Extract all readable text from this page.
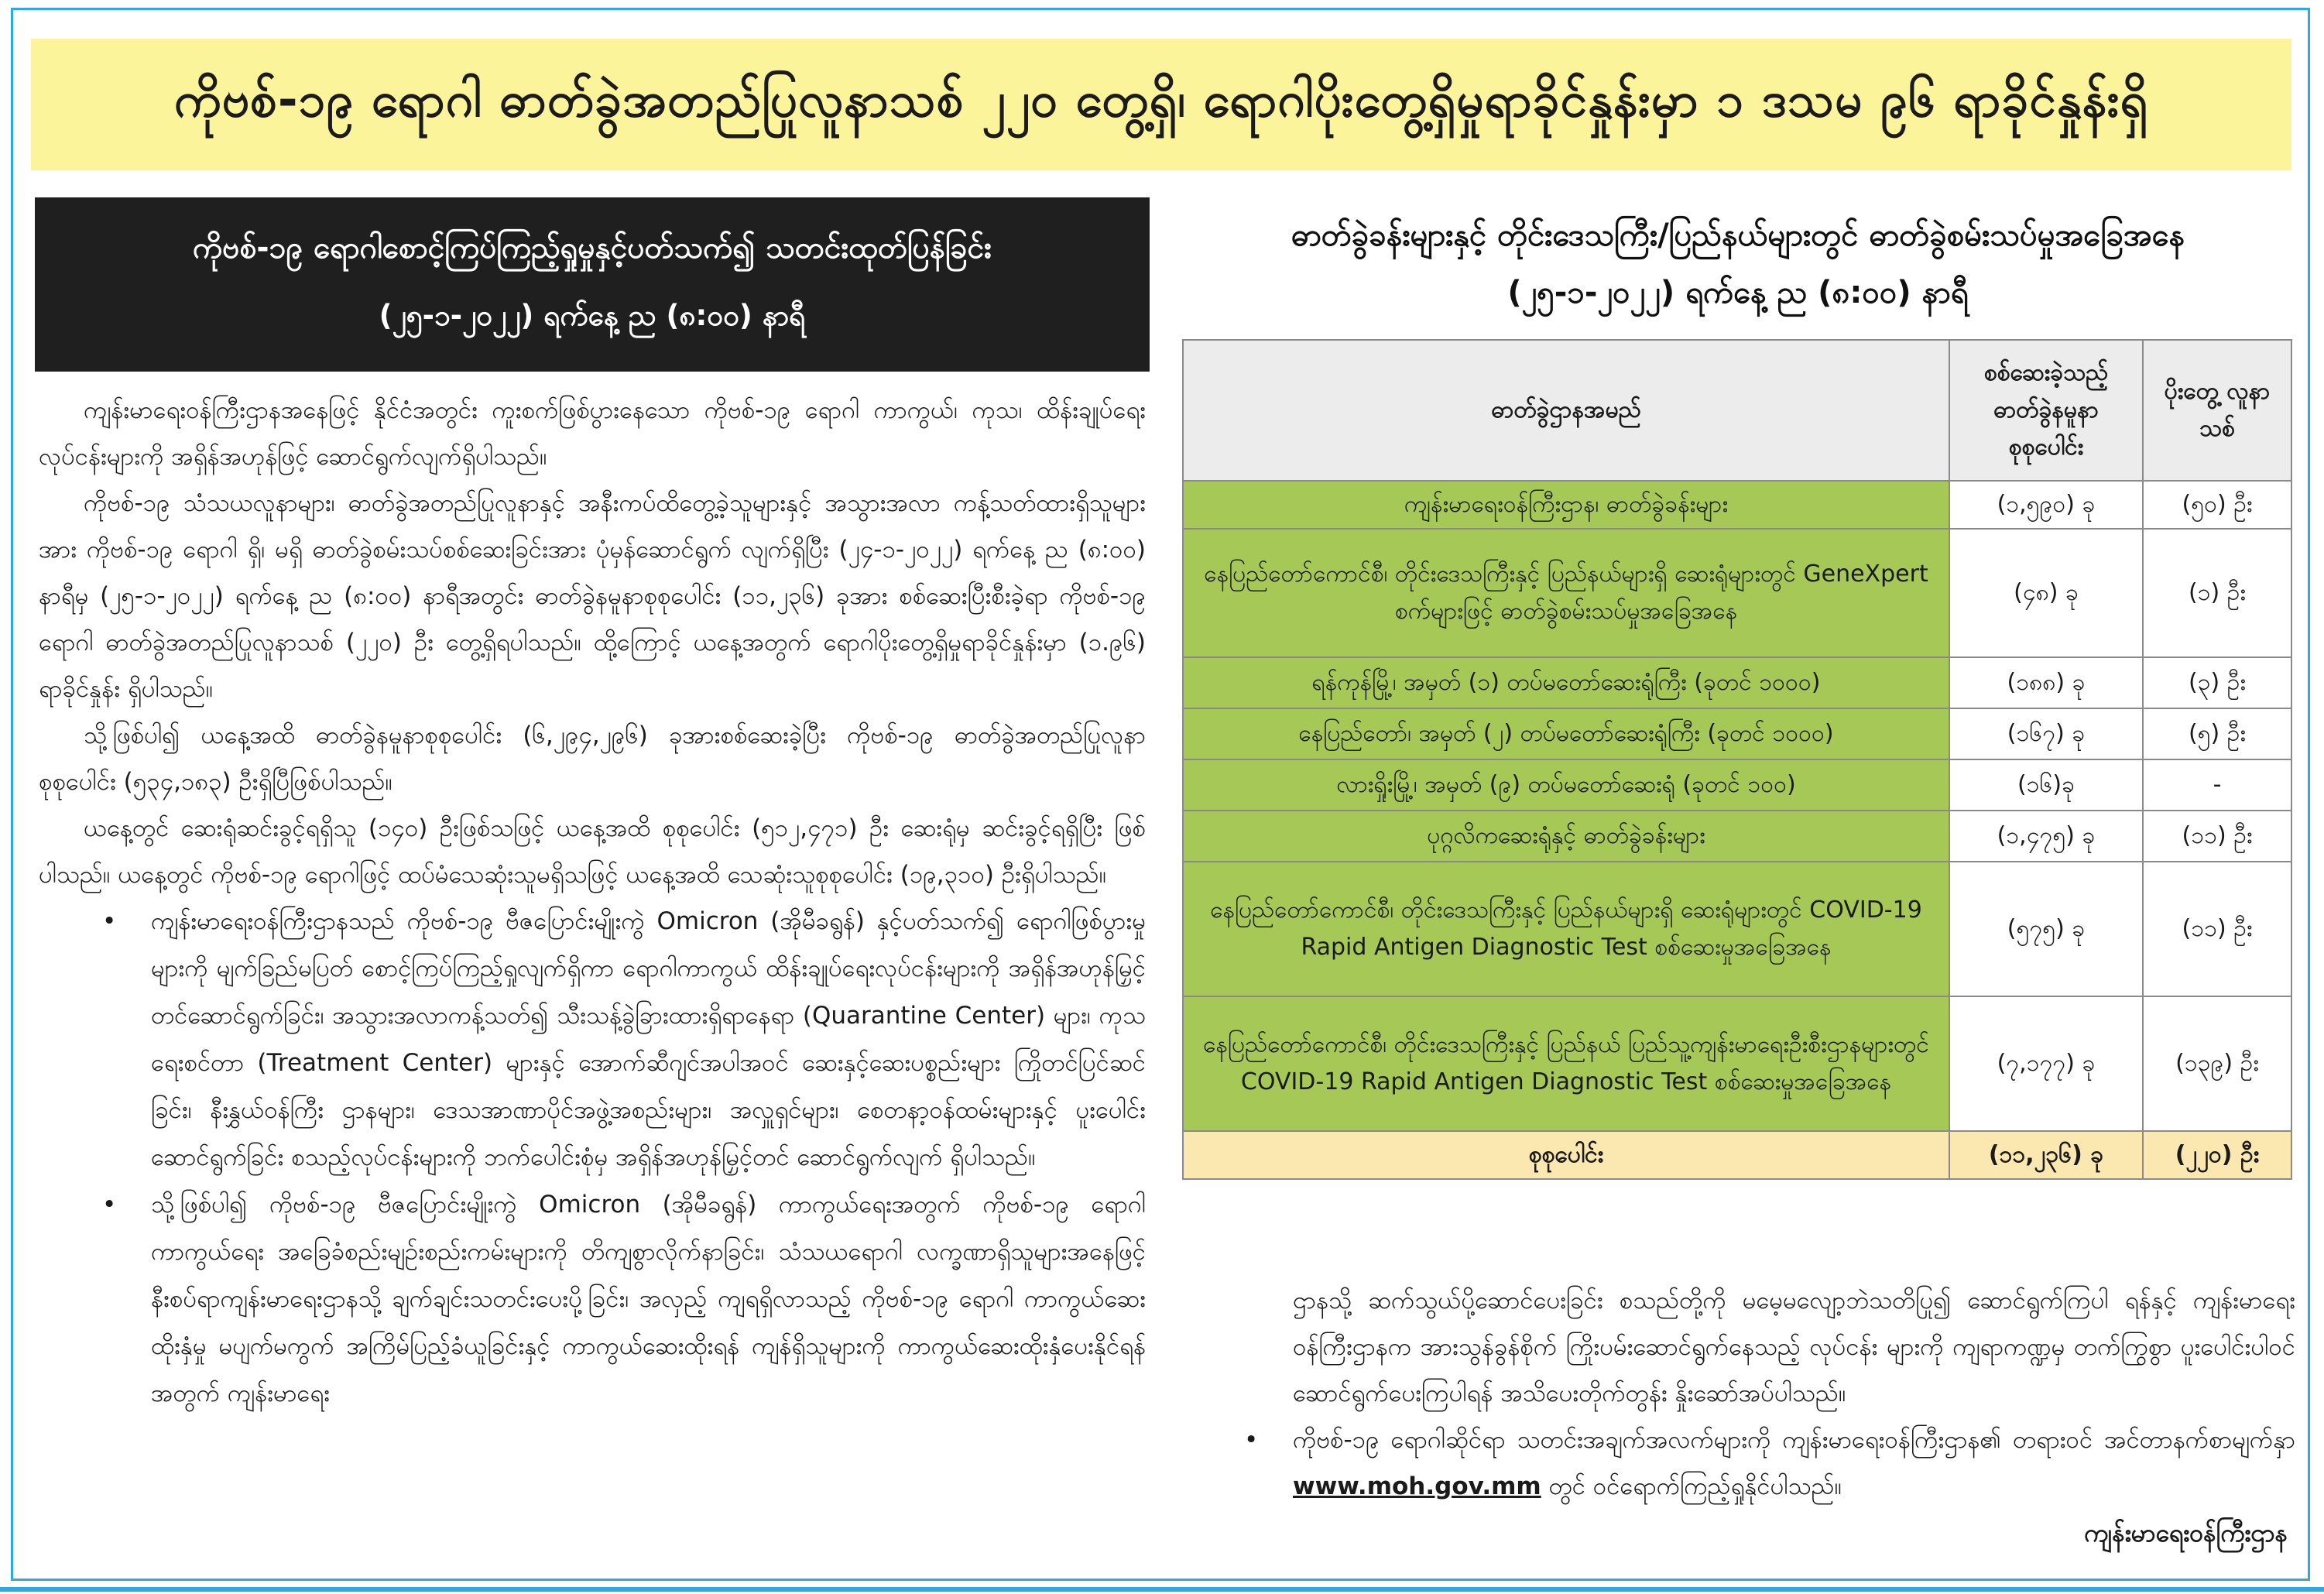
ကိုဗစ်-၁၉ ရောဂါ ဓာတ်ခွဲအတည်ပြုလူနာသစ် ၂၂၀ တွေ့ရှိ၊ ရောဂါပိုးတွေ့ရှိမှုရာခိုင်နှုန်းမှာ ၁ ဒသမ ၉၆ ရာခိုင်နှုန်းရှိ
ကိုဗစ်-၁၉ ရောဂါစောင့်ကြပ်ကြည့်ရှုမှုနှင့်ပတ်သက်၍ သတင်းထုတ်ပြန်ခြင်း
(၂၅-၁-၂၀၂၂) ရက်နေ့ ည (၈:၀၀) နာရီ

ကျန်းမာရေးဝန်ကြီးဌာနအနေဖြင့် နိုင်ငံအတွင်း ကူးစက်ဖြစ်ပွားနေသော ကိုဗစ်-၁၉ ရောဂါ ကာကွယ်၊ ကုသ၊ ထိန်းချုပ်ရေးလုပ်ငန်းများကို အရှိန်အဟုန်ဖြင့် ဆောင်ရွက်လျက်ရှိပါသည်။

ကိုဗစ်-၁၉ သံသယလူနာများ၊ ဓာတ်ခွဲအတည်ပြုလူနာနှင့် အနီးကပ်ထိတွေ့ခဲ့သူများနှင့် အသွားအလာ ကန့်သတ်ထားရှိသူများအား ကိုဗစ်-၁၉ ရောဂါ ရှိ၊ မရှိ ဓာတ်ခွဲစမ်းသပ်စစ်ဆေးခြင်းအား ပုံမှန်ဆောင်ရွက် လျက်ရှိပြီး (၂၄-၁-၂၀၂၂) ရက်နေ့ ည (၈:၀၀) နာရီမှ (၂၅-၁-၂၀၂၂) ရက်နေ့ ည (၈:၀၀) နာရီအတွင်း ဓာတ်ခွဲနမူနာစုစုပေါင်း (၁၁,၂၃၆) ခုအား စစ်ဆေးပြီးစီးခဲ့ရာ ကိုဗစ်-၁၉ ရောဂါ ဓာတ်ခွဲအတည်ပြုလူနာသစ် (၂၂၀) ဦး တွေ့ရှိရပါသည်။ ထို့ကြောင့် ယနေ့အတွက် ရောဂါပိုးတွေ့ရှိမှုရာခိုင်နှုန်းမှာ (၁.၉၆) ရာခိုင်နှုန်း ရှိပါသည်။

သို့ဖြစ်ပါ၍ ယနေ့အထိ ဓာတ်ခွဲနမူနာစုစုပေါင်း (၆,၂၉၄,၂၉၆) ခုအားစစ်ဆေးခဲ့ပြီး ကိုဗစ်-၁၉ ဓာတ်ခွဲအတည်ပြုလူနာ စုစုပေါင်း (၅၃၄,၁၈၃) ဦးရှိပြီဖြစ်ပါသည်။

ယနေ့တွင် ဆေးရုံဆင်းခွင့်ရရှိသူ (၁၄၀) ဦးဖြစ်သဖြင့် ယနေ့အထိ စုစုပေါင်း (၅၁၂,၄၇၁) ဦး ဆေးရုံမှ ဆင်းခွင့်ရရှိပြီး ဖြစ်ပါသည်။ ယနေ့တွင် ကိုဗစ်-၁၉ ရောဂါဖြင့် ထပ်မံသေဆုံးသူမရှိသဖြင့် ယနေ့အထိ သေဆုံးသူစုစုပေါင်း (၁၉,၃၁၀) ဦးရှိပါသည်။

• ကျန်းမာရေးဝန်ကြီးဌာနသည် ကိုဗစ်-၁၉ ဗီဇပြောင်းမျိုးကွဲ Omicron (အိုမီခရွန်) နှင့်ပတ်သက်၍ ရောဂါဖြစ်ပွားမှုများကို မျက်ခြည်မပြတ် စောင့်ကြပ်ကြည့်ရှုလျက်ရှိကာ ရောဂါကာကွယ် ထိန်းချုပ်ရေးလုပ်ငန်းများကို အရှိန်အဟုန်မြှင့်တင်ဆောင်ရွက်ခြင်း၊ အသွားအလာကန့်သတ်၍ သီးသန့်ခွဲခြားထားရှိရာနေရာ (Quarantine Center) များ၊ ကုသရေးစင်တာ (Treatment Center) များနှင့် အောက်ဆီဂျင်အပါအဝင် ဆေးနှင့်ဆေးပစ္စည်းများ ကြိုတင်ပြင်ဆင်ခြင်း၊ နီးနွှယ်ဝန်ကြီး ဌာနများ၊ ဒေသအာဏာပိုင်အဖွဲ့အစည်းများ၊ အလှူရှင်များ၊ စေတနာ့ဝန်ထမ်းများနှင့် ပူးပေါင်း ဆောင်ရွက်ခြင်း စသည့်လုပ်ငန်းများကို ဘက်ပေါင်းစုံမှ အရှိန်အဟုန်မြှင့်တင် ဆောင်ရွက်လျက် ရှိပါသည်။
• သို့ဖြစ်ပါ၍ ကိုဗစ်-၁၉ ဗီဇပြောင်းမျိုးကွဲ Omicron (အိုမီခရွန်) ကာကွယ်ရေးအတွက် ကိုဗစ်-၁၉ ရောဂါ ကာကွယ်ရေး အခြေခံစည်းမျဉ်းစည်းကမ်းများကို တိကျစွာလိုက်နာခြင်း၊ သံသယရောဂါ လက္ခဏာရှိသူများအနေဖြင့် နီးစပ်ရာကျန်းမာရေးဌာနသို့ ချက်ချင်းသတင်းပေးပို့ခြင်း၊ အလှည့် ကျရရှိလာသည့် ကိုဗစ်-၁၉ ရောဂါ ကာကွယ်ဆေးထိုးနှံမှု မပျက်မကွက် အကြိမ်ပြည့်ခံယူခြင်းနှင့် ကာကွယ်ဆေးထိုးရန် ကျန်ရှိသူများကို ကာကွယ်ဆေးထိုးနှံပေးနိုင်ရန်အတွက် ကျန်းမာရေး
ဓာတ်ခွဲခန်းများနှင့် တိုင်းဒေသကြီး/ပြည်နယ်များတွင် ဓာတ်ခွဲစမ်းသပ်မှုအခြေအနေ
(၂၅-၁-၂၀၂၂) ရက်နေ့ ည (၈:၀၀) နာရီ
ဓာတ်ခွဲဌာနအမည်	စစ်ဆေးခဲ့သည့် ဓာတ်ခွဲနမူနာ စုစုပေါင်း	ပိုးတွေ့ လူနာသစ်
ကျန်းမာရေးဝန်ကြီးဌာန၊ ဓာတ်ခွဲခန်းများ	(၁,၅၉၀) ခု	(၅၀) ဦး
နေပြည်တော်ကောင်စီ၊ တိုင်းဒေသကြီးနှင့် ပြည်နယ်များရှိ ဆေးရုံများတွင် GeneXpert စက်များဖြင့် ဓာတ်ခွဲစမ်းသပ်မှုအခြေအနေ	(၄၈) ခု	(၁) ဦး
ရန်ကုန်မြို့၊ အမှတ် (၁) တပ်မတော်ဆေးရုံကြီး (ခုတင် ၁၀၀၀)	(၁၈၈) ခု	(၃) ဦး
နေပြည်တော်၊ အမှတ် (၂) တပ်မတော်ဆေးရုံကြီး (ခုတင် ၁၀၀၀)	(၁၆၇) ခု	(၅) ဦး
လားရှိုးမြို့၊ အမှတ် (၉) တပ်မတော်ဆေးရုံ (ခုတင် ၁၀၀)	(၁၆)ခု	-
ပုဂ္ဂလိကဆေးရုံနှင့် ဓာတ်ခွဲခန်းများ	(၁,၄၇၅) ခု	(၁၁) ဦး
နေပြည်တော်ကောင်စီ၊ တိုင်းဒေသကြီးနှင့် ပြည်နယ်များရှိ ဆေးရုံများတွင် COVID-19 Rapid Antigen Diagnostic Test စစ်ဆေးမှုအခြေအနေ	(၅၇၅) ခု	(၁၁) ဦး
နေပြည်တော်ကောင်စီ၊ တိုင်းဒေသကြီးနှင့် ပြည်နယ် ပြည်သူ့ကျန်းမာရေးဦးစီးဌာနများတွင် COVID-19 Rapid Antigen Diagnostic Test စစ်ဆေးမှုအခြေအနေ	(၇,၁၇၇) ခု	(၁၃၉) ဦး
စုစုပေါင်း	(၁၁,၂၃၆) ခု	(၂၂၀) ဦး

ဌာနသို့ ဆက်သွယ်ပို့ဆောင်ပေးခြင်း စသည်တို့ကို မမေ့မလျော့ဘဲသတိပြု၍ ဆောင်ရွက်ကြပါ ရန်နှင့် ကျန်းမာရေးဝန်ကြီးဌာနက အားသွန်ခွန်စိုက် ကြိုးပမ်းဆောင်ရွက်နေသည့် လုပ်ငန်း များကို ကျရာကဏ္ဍမှ တက်ကြွစွာ ပူးပေါင်းပါဝင်ဆောင်ရွက်ပေးကြပါရန် အသိပေးတိုက်တွန်း နှိုးဆော်အပ်ပါသည်။

• ကိုဗစ်-၁၉ ရောဂါဆိုင်ရာ သတင်းအချက်အလက်များကို ကျန်းမာရေးဝန်ကြီးဌာန၏ တရားဝင် အင်တာနက်စာမျက်နှာ www.moh.gov.mm တွင် ဝင်ရောက်ကြည့်ရှုနိုင်ပါသည်။
ကျန်းမာရေးဝန်ကြီးဌာန
